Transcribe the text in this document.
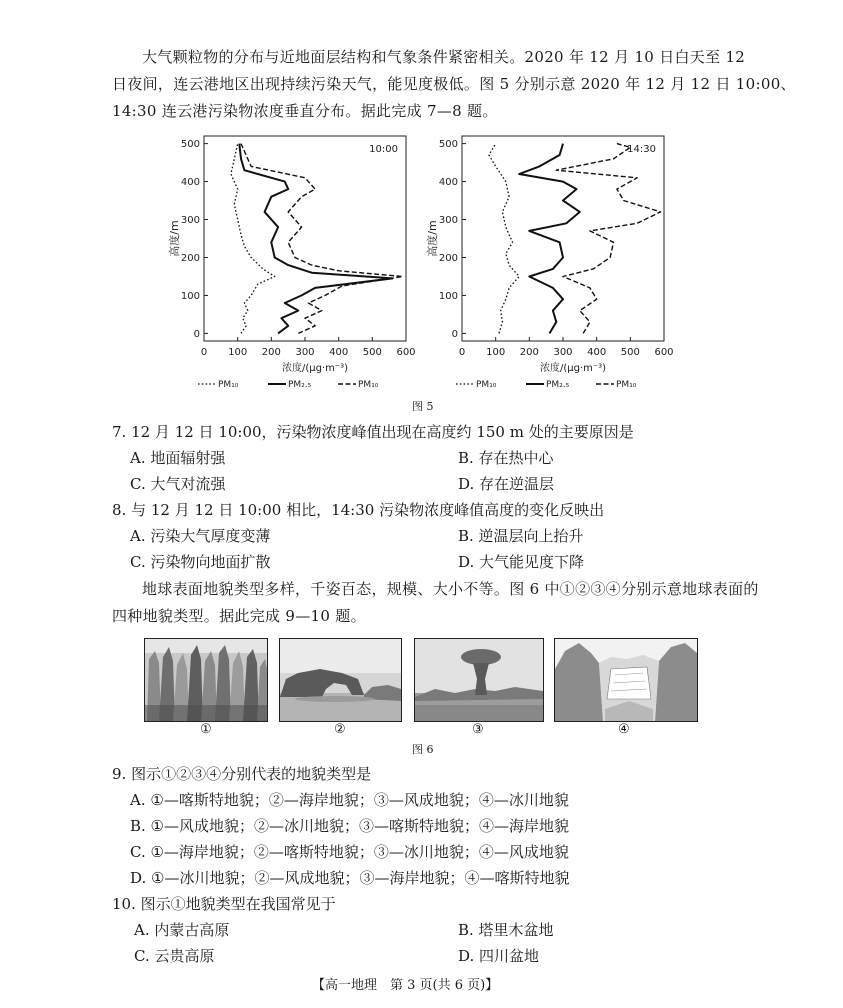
大气颗粒物的分布与近地面层结构和气象条件紧密相关。2020 年 12 月 10 日白天至 12
日夜间，连云港地区出现持续污染天气，能见度极低。图 5 分别示意 2020 年 12 月 12 日 10:00、
14:30 连云港污染物浓度垂直分布。据此完成 7—8 题。
0
100
200
300
400
500
0 100 200 300 400 500 600
10:00
高度/m
浓度/(μg·m⁻³)
PM₁₀	PM₂.₅	PM₁₀
0
100
200
300
400
500
0 100 200 300 400 500 600
14:30
高度/m
浓度/(μg·m⁻³)
PM₁₀	PM₂.₅	PM₁₀
图 5
7. 12 月 12 日 10:00，污染物浓度峰值出现在高度约 150 m 处的主要原因是
A. 地面辐射强	B. 存在热中心
C. 大气对流强	D. 存在逆温层
8. 与 12 月 12 日 10:00 相比，14:30 污染物浓度峰值高度的变化反映出
A. 污染大气厚度变薄	B. 逆温层向上抬升
C. 污染物向地面扩散	D. 大气能见度下降
地球表面地貌类型多样，千姿百态，规模、大小不等。图 6 中①②③④分别示意地球表面的
四种地貌类型。据此完成 9—10 题。
①	②	③	④
图 6
9. 图示①②③④分别代表的地貌类型是
A. ①—喀斯特地貌；②—海岸地貌；③—风成地貌；④—冰川地貌
B. ①—风成地貌；②—冰川地貌；③—喀斯特地貌；④—海岸地貌
C. ①—海岸地貌；②—喀斯特地貌；③—冰川地貌；④—风成地貌
D. ①—冰川地貌；②—风成地貌；③—海岸地貌；④—喀斯特地貌
10. 图示①地貌类型在我国常见于
A. 内蒙古高原	B. 塔里木盆地
C. 云贵高原	D. 四川盆地
【高一地理　第 3 页(共 6 页)】
